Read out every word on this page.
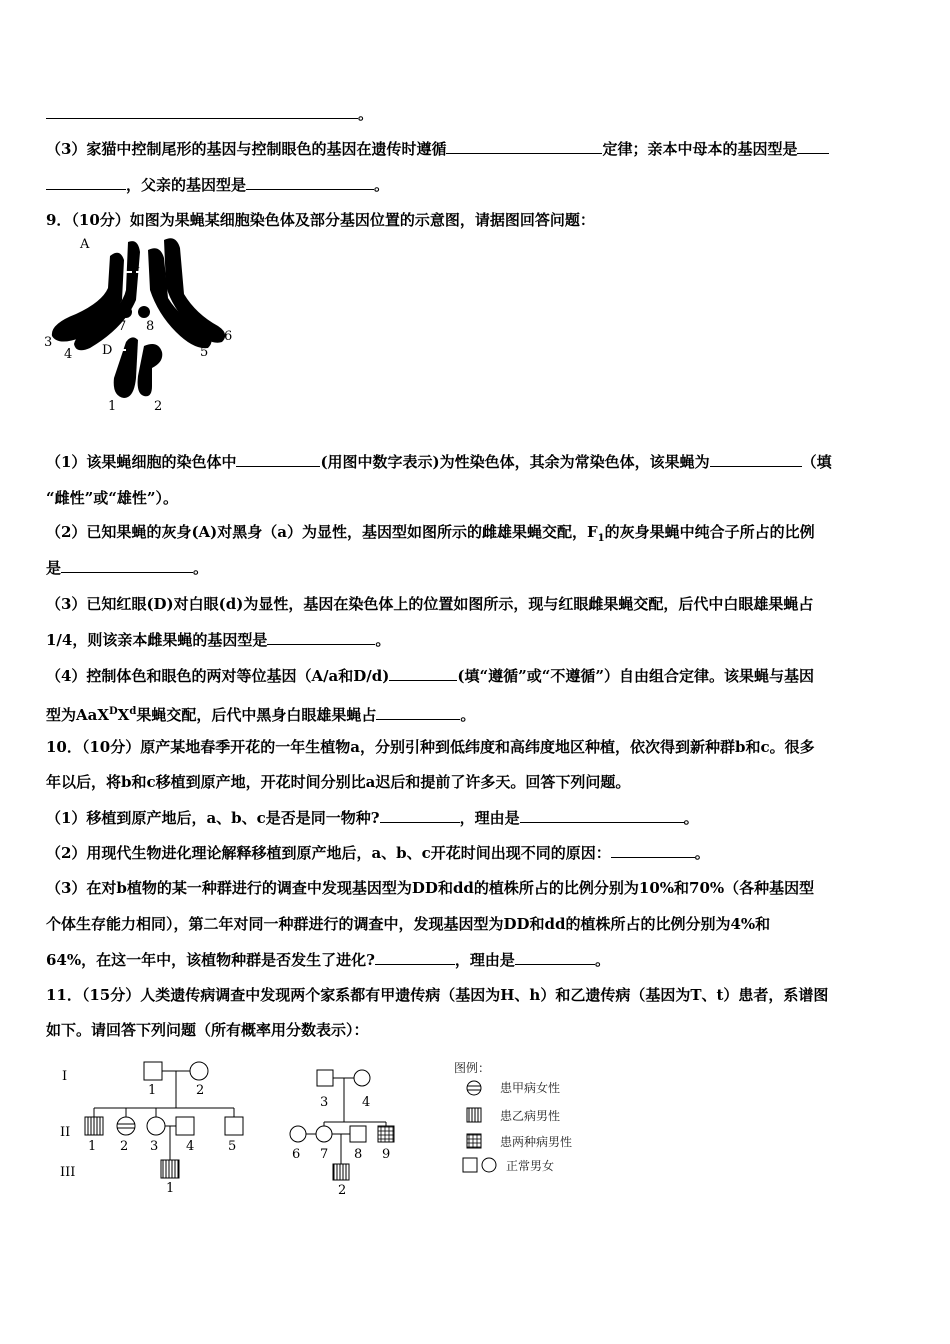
。
（3）家猫中控制尾形的基因与控制眼色的基因在遗传时遵循	定律；亲本中母本的基因型是
，父亲的基因型是	。
9．（10分）如图为果蝇某细胞染色体及部分基因位置的示意图，请据图回答问题：
A
a
7 8
3
4 D	5
6
1	2
（1）该果蝇细胞的染色体中	(用图中数字表示)为性染色体，其余为常染色体，该果蝇为	（填
“雌性”或“雄性”）。
（2）已知果蝇的灰身(A)对黑身（a）为显性，基因型如图所示的雌雄果蝇交配，$F_1$的灰身果蝇中纯合子所占的比例
是	。
（3）已知红眼(D)对白眼(d)为显性，基因在染色体上的位置如图所示，现与红眼雌果蝇交配，后代中白眼雄果蝇占
1/4，则该亲本雌果蝇的基因型是	。
（4）控制体色和眼色的两对等位基因（A/a和D/d)	(填“遵循”或“不遵循”）自由组合定律。该果蝇与基因
型为$AaX^DX^d$果蝇交配，后代中黑身白眼雄果蝇占	。
10．（10分）原产某地春季开花的一年生植物a，分别引种到低纬度和高纬度地区种植，依次得到新种群b和c。很多
年以后，将b和c移植到原产地，开花时间分别比a迟后和提前了许多天。回答下列问题。
（1）移植到原产地后，a、b、c是否是同一物种?	，理由是	。
（2）用现代生物进化理论解释移植到原产地后，a、b、c开花时间出现不同的原因：	。
（3）在对b植物的某一种群进行的调查中发现基因型为DD和dd的植株所占的比例分别为10%和70%（各种基因型
个体生存能力相同），第二年对同一种群进行的调查中，发现基因型为DD和dd的植株所占的比例分别为4%和
64%，在这一年中，该植物种群是否发生了进化?	，理由是	。
11．（15分）人类遗传病调查中发现两个家系都有甲遗传病（基因为H、h）和乙遗传病（基因为T、t）患者，系谱图
如下。请回答下列问题（所有概率用分数表示）：
I
II
III
1	2
1 2 3 4	5
1
3	4
6 7 8 9
2
图例：
患甲病女性
患乙病男性
患两种病男性
正常男女
